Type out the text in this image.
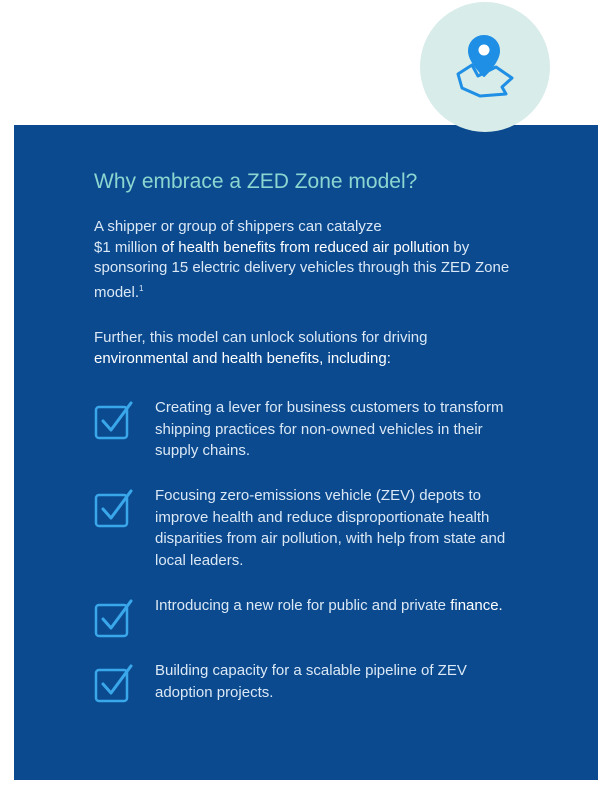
Why embrace a ZED Zone model?

A shipper or group of shippers can catalyze
$1 million of health benefits from reduced air pollution by sponsoring 15 electric delivery vehicles through this ZED Zone model.$^1$

Further, this model can unlock solutions for driving environmental and health benefits, including:

Creating a lever for business customers to transform shipping practices for non-owned vehicles in their supply chains.
Focusing zero-emissions vehicle (ZEV) depots to improve health and reduce disproportionate health disparities from air pollution, with help from state and local leaders.
Introducing a new role for public and private finance.
Building capacity for a scalable pipeline of ZEV adoption projects.
